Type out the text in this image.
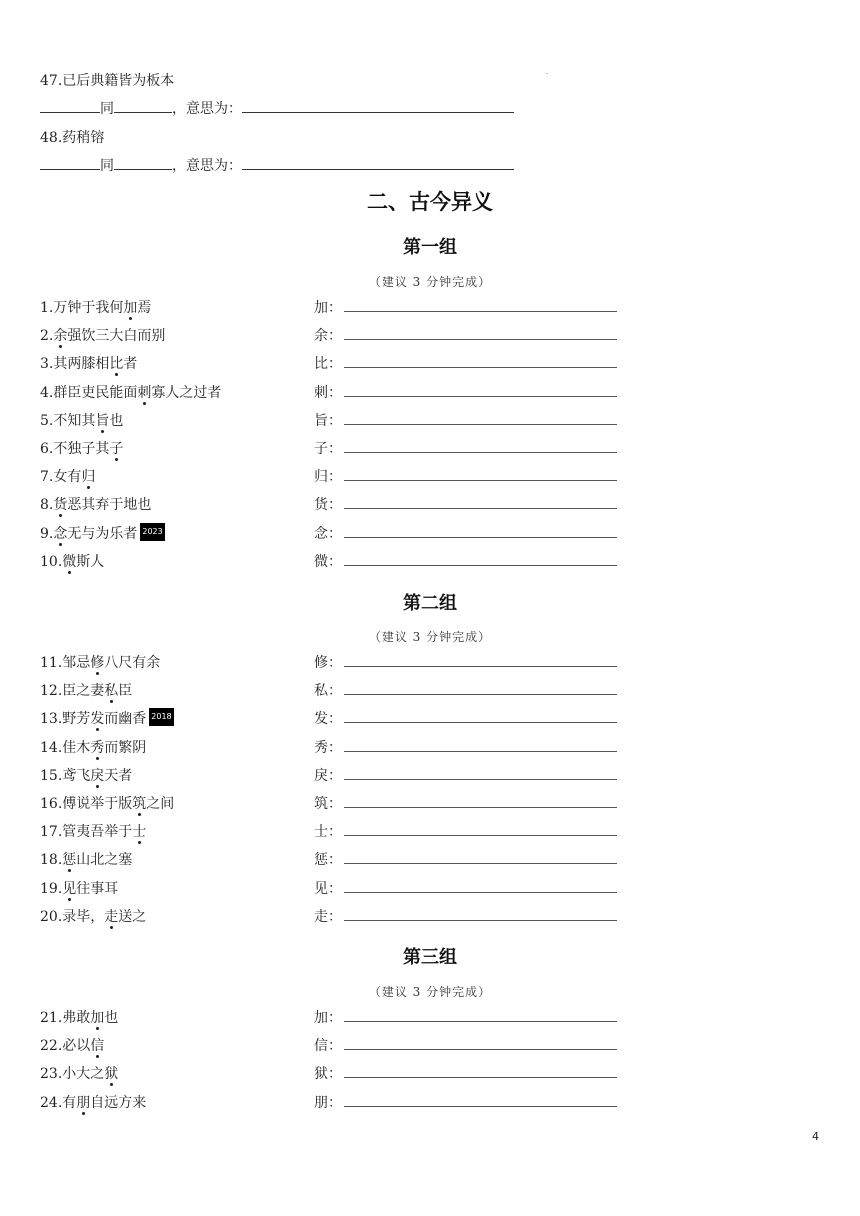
47.已后典籍皆为板本	-
同	，意思为：
48.药稍镕
同	，意思为：
二、古今异义
第一组
（建议 3 分钟完成）
1.万钟于我何加焉	加：
2.余强饮三大白而别	余：
3.其两膝相比者	比：
4.群臣吏民能面刺寡人之过者	刺：
5.不知其旨也	旨：
6.不独子其子	子：
7.女有归	归：
8.货恶其弃于地也	货：
9.念无与为乐者 2023	念：
10.微斯人	微：
第二组
（建议 3 分钟完成）
11.邹忌修八尺有余	修：
12.臣之妻私臣	私：
13.野芳发而幽香 2018	发：
14.佳木秀而繁阴	秀：
15.鸢飞戾天者	戾：
16.傅说举于版筑之间	筑：
17.管夷吾举于士	士：
18.惩山北之塞	惩：
19.见往事耳	见：
20.录毕，走送之	走：
第三组
（建议 3 分钟完成）
21.弗敢加也	加：
22.必以信	信：
23.小大之狱	狱：
24.有朋自远方来	朋：
4
